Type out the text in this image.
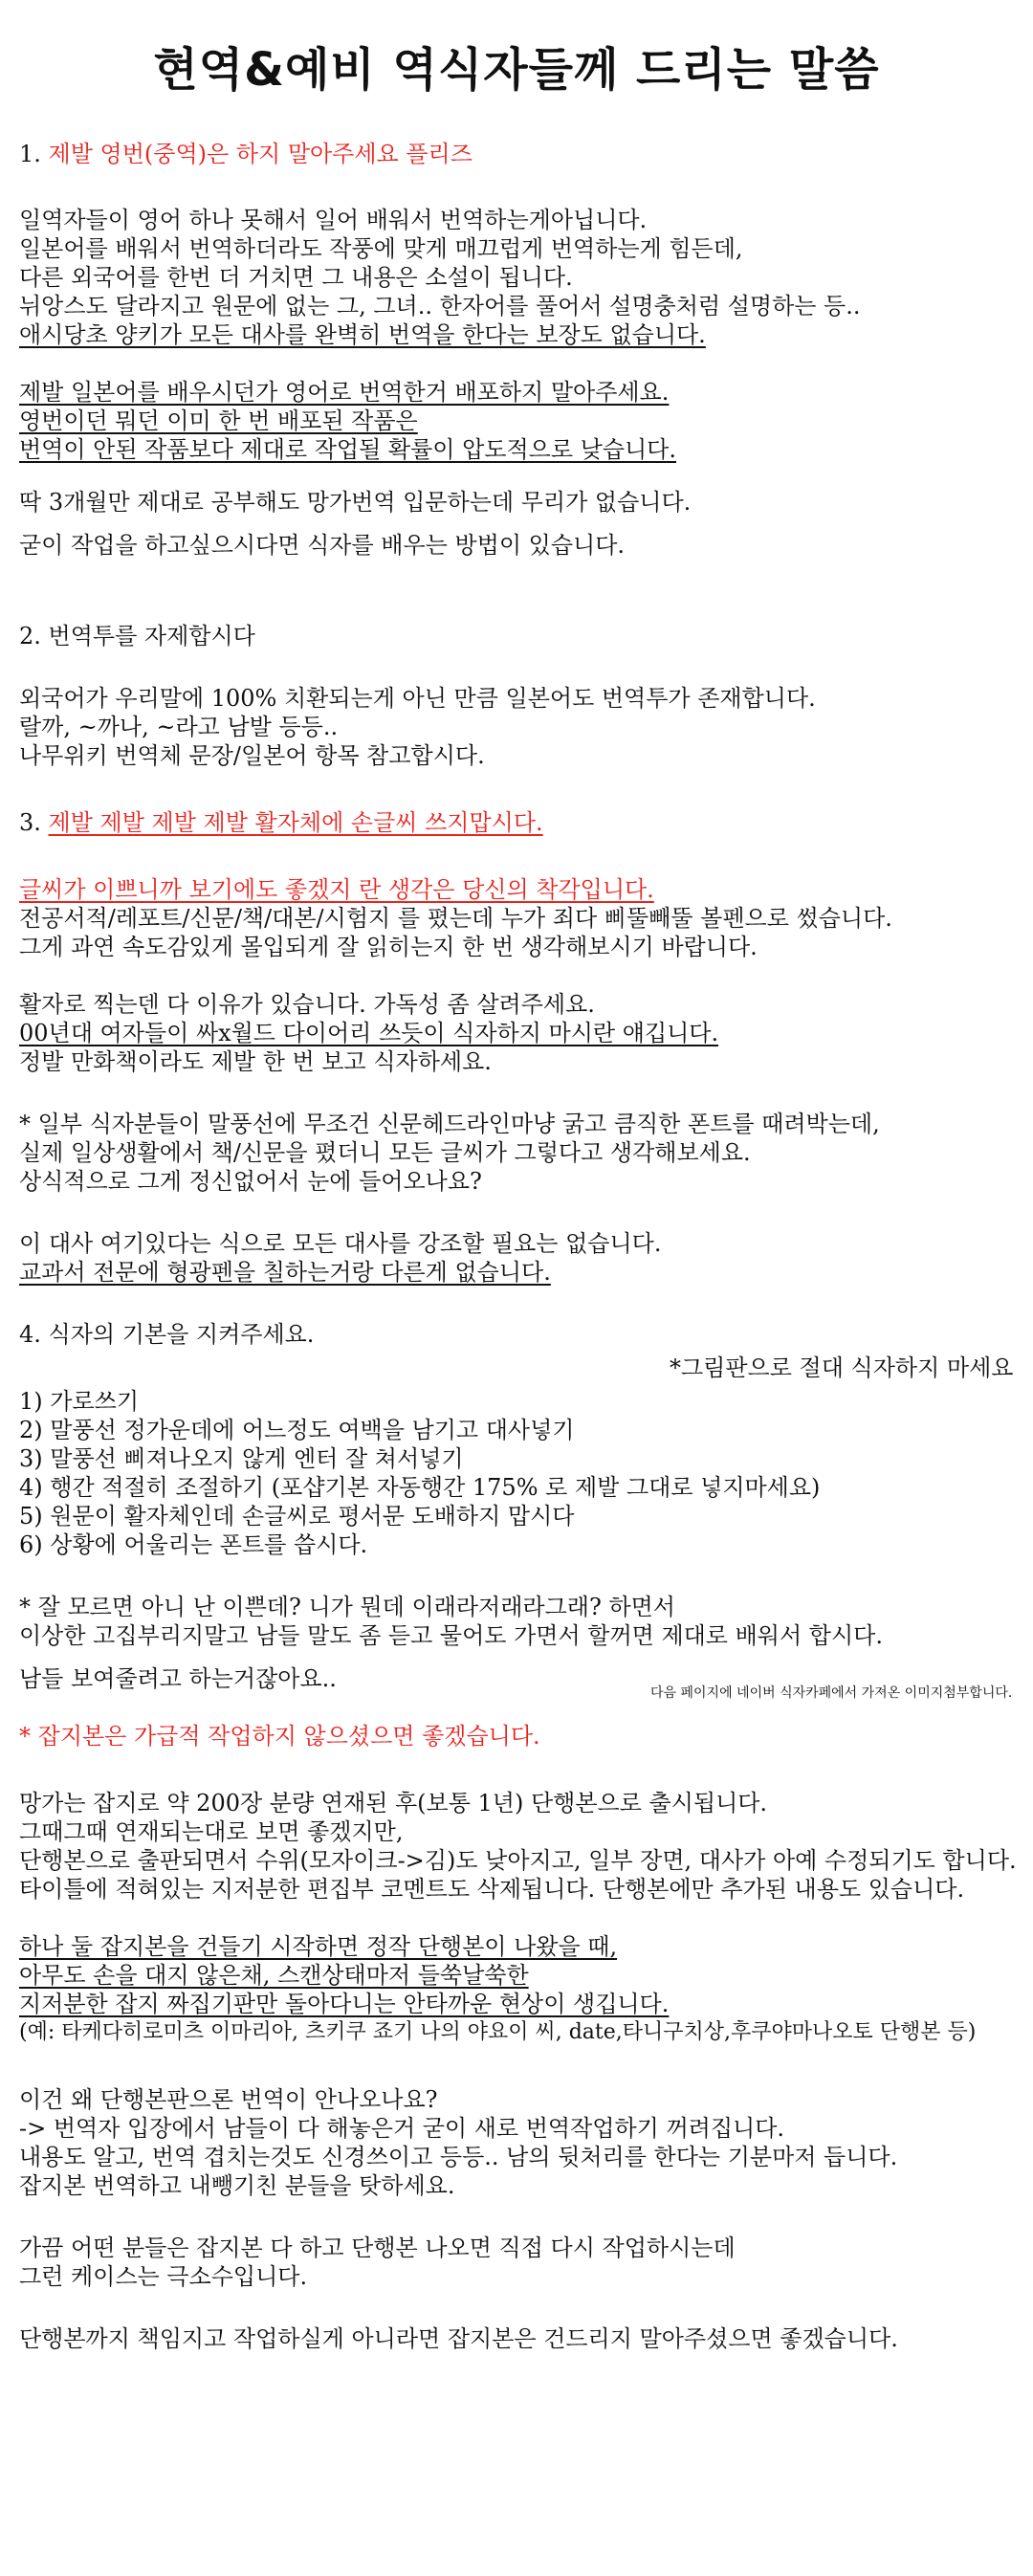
현역&예비 역식자들께 드리는 말씀
1. 제발 영번(중역)은 하지 말아주세요 플리즈
일역자들이 영어 하나 못해서 일어 배워서 번역하는게아닙니다.
일본어를 배워서 번역하더라도 작풍에 맞게 매끄럽게 번역하는게 힘든데,
다른 외국어를 한번 더 거치면 그 내용은 소설이 됩니다.
뉘앙스도 달라지고 원문에 없는 그, 그녀.. 한자어를 풀어서 설명충처럼 설명하는 등..
애시당초 양키가 모든 대사를 완벽히 번역을 한다는 보장도 없습니다.
제발 일본어를 배우시던가 영어로 번역한거 배포하지 말아주세요.
영번이던 뭐던 이미 한 번 배포된 작품은
번역이 안된 작품보다 제대로 작업될 확률이 압도적으로 낮습니다.
딱 3개월만 제대로 공부해도 망가번역 입문하는데 무리가 없습니다.
굳이 작업을 하고싶으시다면 식자를 배우는 방법이 있습니다.
2. 번역투를 자제합시다
외국어가 우리말에 100% 치환되는게 아닌 만큼 일본어도 번역투가 존재합니다.
랄까, ~까나, ~라고 남발 등등..
나무위키 번역체 문장/일본어 항목 참고합시다.
3. 제발 제발 제발 제발 활자체에 손글씨 쓰지맙시다.
글씨가 이쁘니까 보기에도 좋겠지 란 생각은 당신의 착각입니다.
전공서적/레포트/신문/책/대본/시험지 를 폈는데 누가 죄다 삐뚤빼뚤 볼펜으로 썼습니다.
그게 과연 속도감있게 몰입되게 잘 읽히는지 한 번 생각해보시기 바랍니다.
활자로 찍는덴 다 이유가 있습니다. 가독성 좀 살려주세요.
00년대 여자들이 싸x월드 다이어리 쓰듯이 식자하지 마시란 얘깁니다.
정발 만화책이라도 제발 한 번 보고 식자하세요.
* 일부 식자분들이 말풍선에 무조건 신문헤드라인마냥 굵고 큼직한 폰트를 때려박는데,
실제 일상생활에서 책/신문을 폈더니 모든 글씨가 그렇다고 생각해보세요.
상식적으로 그게 정신없어서 눈에 들어오나요?
이 대사 여기있다는 식으로 모든 대사를 강조할 필요는 없습니다.
교과서 전문에 형광펜을 칠하는거랑 다른게 없습니다.
4. 식자의 기본을 지켜주세요.
*그림판으로 절대 식자하지 마세요
1) 가로쓰기
2) 말풍선 정가운데에 어느정도 여백을 남기고 대사넣기
3) 말풍선 삐져나오지 않게 엔터 잘 쳐서넣기
4) 행간 적절히 조절하기 (포샵기본 자동행간 175% 로 제발 그대로 넣지마세요)
5) 원문이 활자체인데 손글씨로 평서문 도배하지 맙시다
6) 상황에 어울리는 폰트를 씁시다.
* 잘 모르면 아니 난 이쁜데? 니가 뭔데 이래라저래라그래? 하면서
이상한 고집부리지말고 남들 말도 좀 듣고 물어도 가면서 할꺼면 제대로 배워서 합시다.
남들 보여줄려고 하는거잖아요..
다음 페이지에 네이버 식자카페에서 가져온 이미지첨부합니다.
* 잡지본은 가급적 작업하지 않으셨으면 좋겠습니다.
망가는 잡지로 약 200장 분량 연재된 후(보통 1년) 단행본으로 출시됩니다.
그때그때 연재되는대로 보면 좋겠지만,
단행본으로 출판되면서 수위(모자이크->김)도 낮아지고, 일부 장면, 대사가 아예 수정되기도 합니다.
타이틀에 적혀있는 지저분한 편집부 코멘트도 삭제됩니다. 단행본에만 추가된 내용도 있습니다.
하나 둘 잡지본을 건들기 시작하면 정작 단행본이 나왔을 때,
아무도 손을 대지 않은채, 스캔상태마저 들쑥날쑥한
지저분한 잡지 짜집기판만 돌아다니는 안타까운 현상이 생깁니다.
(예: 타케다히로미츠 이마리아, 츠키쿠 죠기 나의 야요이 씨, date,타니구치상,후쿠야마나오토 단행본 등)
이건 왜 단행본판으론 번역이 안나오나요?
-> 번역자 입장에서 남들이 다 해놓은거 굳이 새로 번역작업하기 꺼려집니다.
내용도 알고, 번역 겹치는것도 신경쓰이고 등등.. 남의 뒷처리를 한다는 기분마저 듭니다.
잡지본 번역하고 내뺑기친 분들을 탓하세요.
가끔 어떤 분들은 잡지본 다 하고 단행본 나오면 직접 다시 작업하시는데
그런 케이스는 극소수입니다.
단행본까지 책임지고 작업하실게 아니라면 잡지본은 건드리지 말아주셨으면 좋겠습니다.
